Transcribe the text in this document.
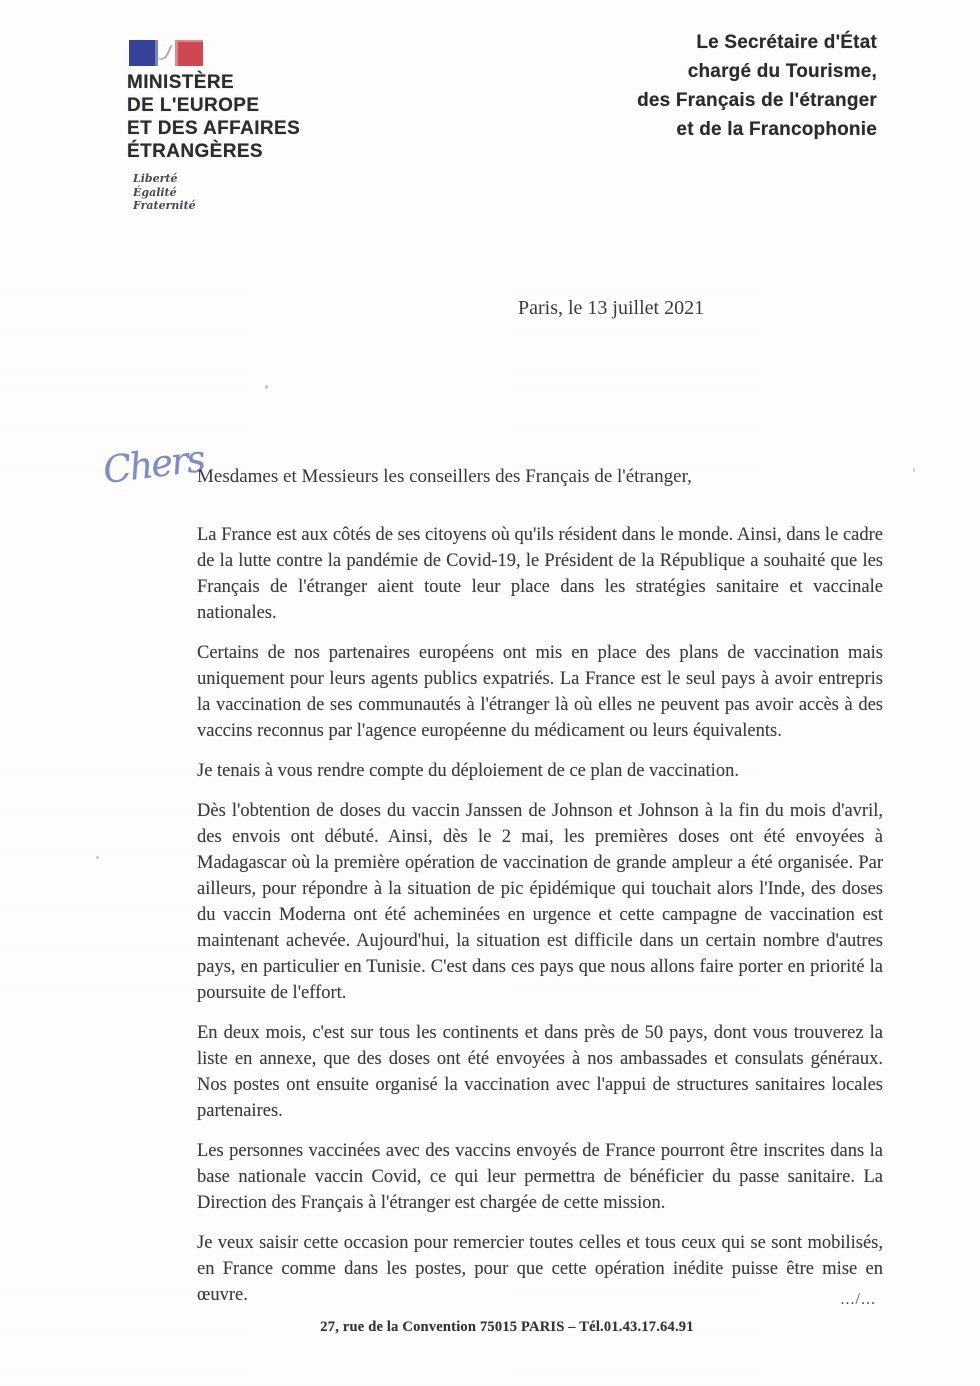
MINISTÈRE
DE L'EUROPE
ET DES AFFAIRES
ÉTRANGÈRES
Liberté
Égalité
Fraternité
Le Secrétaire d'État
chargé du Tourisme,
des Français de l'étranger
et de la Francophonie
Paris, le 13 juillet 2021
Chers
Mesdames et Messieurs les conseillers des Français de l'étranger,

La France est aux côtés de ses citoyens où qu'ils résident dans le monde. Ainsi, dans le cadre de la lutte contre la pandémie de Covid-19, le Président de la République a souhaité que les Français de l'étranger aient toute leur place dans les stratégies sanitaire et vaccinale nationales.

Certains de nos partenaires européens ont mis en place des plans de vaccination mais uniquement pour leurs agents publics expatriés. La France est le seul pays à avoir entrepris la vaccination de ses communautés à l'étranger là où elles ne peuvent pas avoir accès à des vaccins reconnus par l'agence européenne du médicament ou leurs équivalents.

Je tenais à vous rendre compte du déploiement de ce plan de vaccination.

Dès l'obtention de doses du vaccin Janssen de Johnson et Johnson à la fin du mois d'avril, des envois ont débuté. Ainsi, dès le 2 mai, les premières doses ont été envoyées à Madagascar où la première opération de vaccination de grande ampleur a été organisée. Par ailleurs, pour répondre à la situation de pic épidémique qui touchait alors l'Inde, des doses du vaccin Moderna ont été acheminées en urgence et cette campagne de vaccination est maintenant achevée. Aujourd'hui, la situation est difficile dans un certain nombre d'autres pays, en particulier en Tunisie. C'est dans ces pays que nous allons faire porter en priorité la poursuite de l'effort.

En deux mois, c'est sur tous les continents et dans près de 50 pays, dont vous trouverez la liste en annexe, que des doses ont été envoyées à nos ambassades et consulats généraux. Nos postes ont ensuite organisé la vaccination avec l'appui de structures sanitaires locales partenaires.

Les personnes vaccinées avec des vaccins envoyés de France pourront être inscrites dans la base nationale vaccin Covid, ce qui leur permettra de bénéficier du passe sanitaire. La Direction des Français à l'étranger est chargée de cette mission.

Je veux saisir cette occasion pour remercier toutes celles et tous ceux qui se sont mobilisés, en France comme dans les postes, pour que cette opération inédite puisse être mise en œuvre.	.../...
27, rue de la Convention 75015 PARIS – Tél.01.43.17.64.91
